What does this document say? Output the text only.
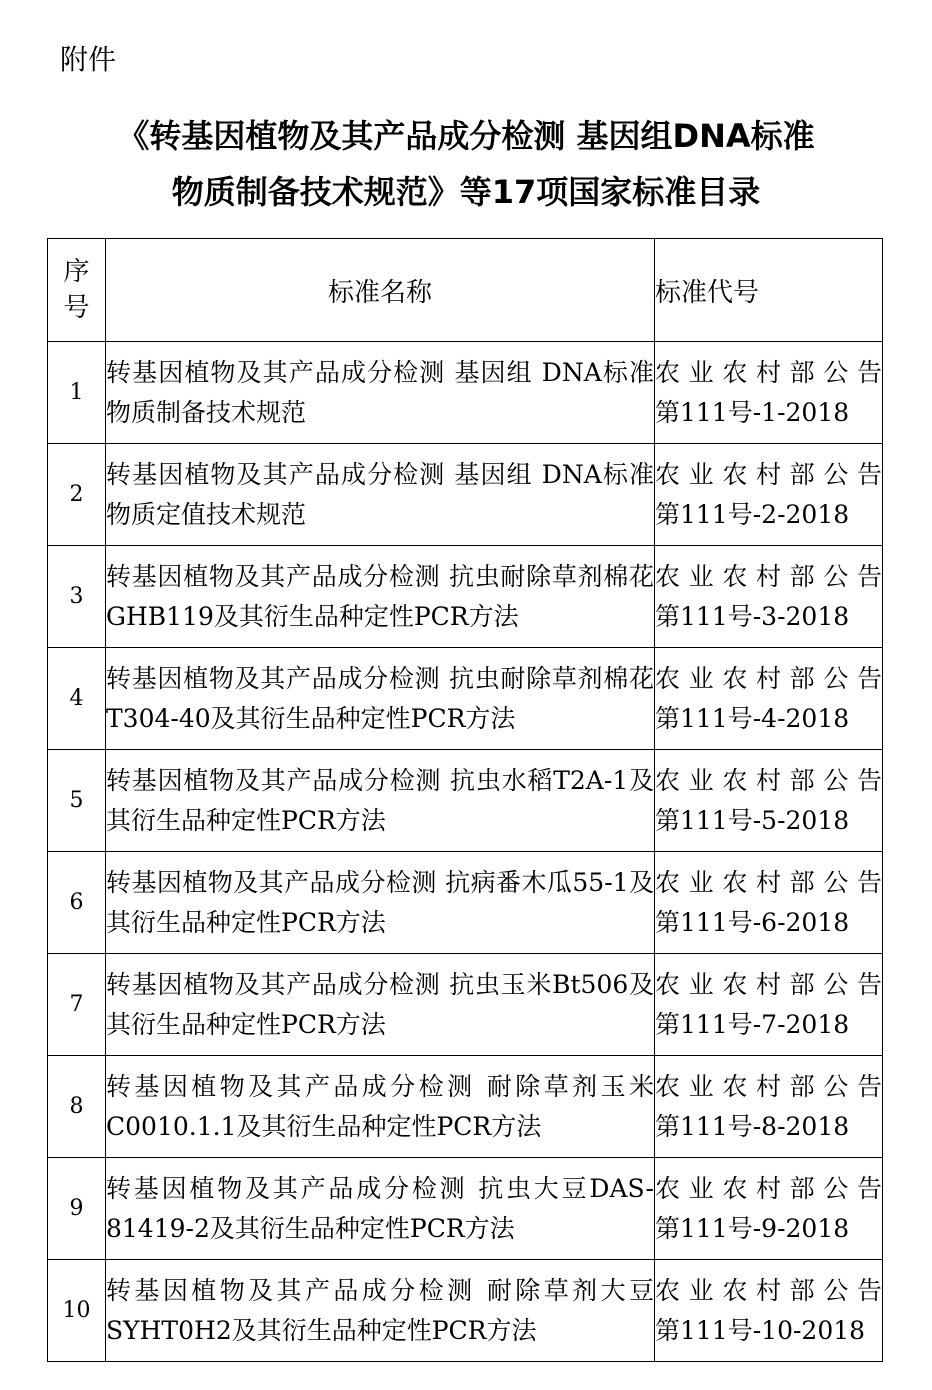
附件
《转基因植物及其产品成分检测 基因组DNA标准
物质制备技术规范》等17项国家标准目录
序
号	标准名称	标准代号
1	转基因植物及其产品成分检测 基因组 DNA标准物质制备技术规范	农业农村部公告
第111号-1-2018

2	转基因植物及其产品成分检测 基因组 DNA标准物质定值技术规范	农业农村部公告
第111号-2-2018

3	转基因植物及其产品成分检测 抗虫耐除草剂棉花GHB119及其衍生品种定性PCR方法	农业农村部公告
第111号-3-2018

4	转基因植物及其产品成分检测 抗虫耐除草剂棉花T304-40及其衍生品种定性PCR方法	农业农村部公告
第111号-4-2018

5	转基因植物及其产品成分检测 抗虫水稻T2A-1及其衍生品种定性PCR方法	农业农村部公告
第111号-5-2018

6	转基因植物及其产品成分检测 抗病番木瓜55-1及其衍生品种定性PCR方法	农业农村部公告
第111号-6-2018

7	转基因植物及其产品成分检测 抗虫玉米Bt506及其衍生品种定性PCR方法	农业农村部公告
第111号-7-2018

8	转基因植物及其产品成分检测 耐除草剂玉米C0010.1.1及其衍生品种定性PCR方法	农业农村部公告
第111号-8-2018

9	转基因植物及其产品成分检测 抗虫大豆DAS-81419-2及其衍生品种定性PCR方法	农业农村部公告
第111号-9-2018

10	转基因植物及其产品成分检测 耐除草剂大豆SYHT0H2及其衍生品种定性PCR方法	农业农村部公告
第111号-10-2018
